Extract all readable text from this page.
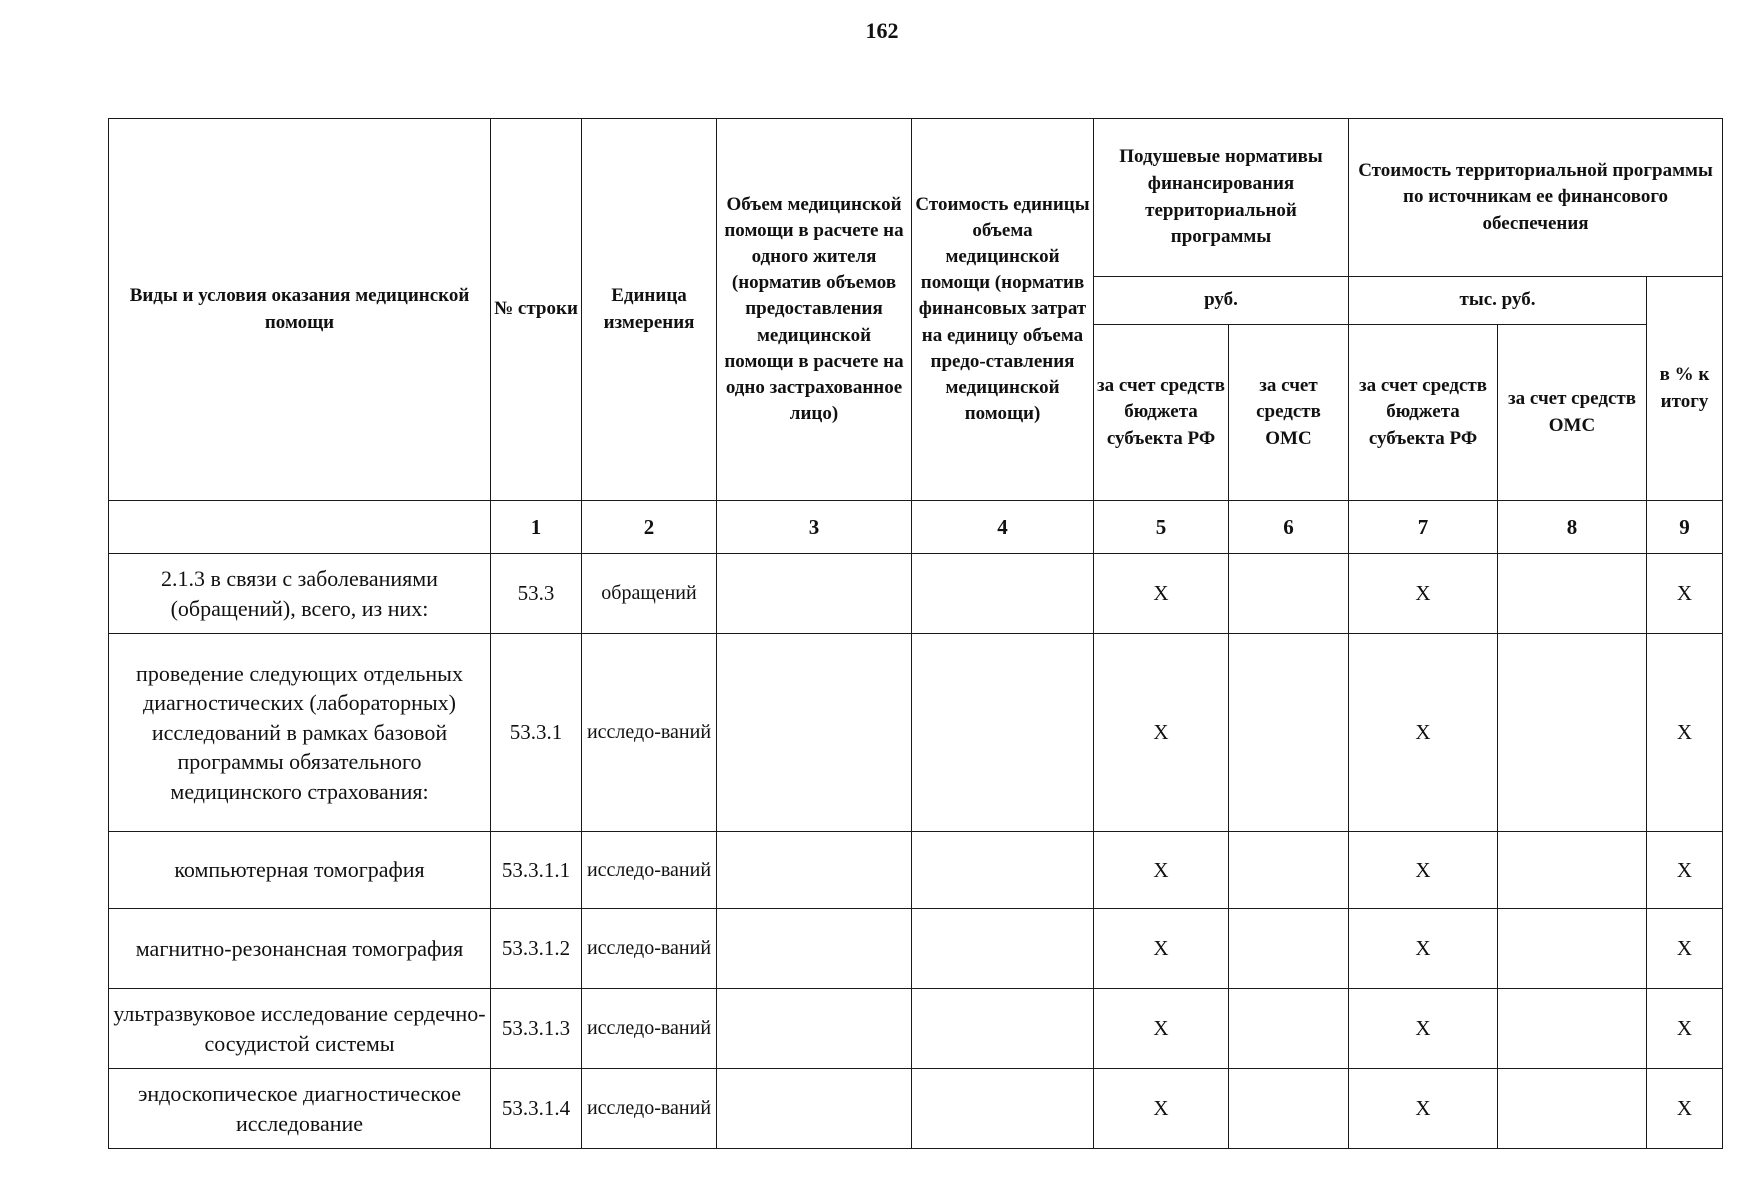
162
Виды и условия оказания медицинской помощи	№ строки	Единица измерения	Объем медицинской помощи в расчете на одного жителя (норматив объемов предоставления медицинской помощи в расчете на одно застрахованное лицо)	Стоимость единицы объема медицинской помощи (норматив финансовых затрат на единицу объема предо-ставления медицинской помощи)	Подушевые нормативы финансирования территориальной программы		Стоимость территориальной программы по источникам ее финансового обеспечения		
					руб.		тыс. руб.		в % к итогу
					за счет средств бюджета субъекта РФ	за счет средств ОМС	за счет средств бюджета субъекта РФ	за счет средств ОМС	
	1	2	3	4	5	6	7	8	9
2.1.3 в связи с заболеваниями (обращений), всего, из них:	53.3	обращений			X		X		X
проведение следующих отдельных диагностических (лабораторных) исследований в рамках базовой программы обязательного медицинского страхования:	53.3.1	исследо-ваний			X		X		X
компьютерная томография	53.3.1.1	исследо-ваний			X		X		X
магнитно-резонансная томография	53.3.1.2	исследо-ваний			X		X		X
ультразвуковое исследование сердечно-сосудистой системы	53.3.1.3	исследо-ваний			X		X		X
эндоскопическое диагностическое исследование	53.3.1.4	исследо-ваний			X		X		X
